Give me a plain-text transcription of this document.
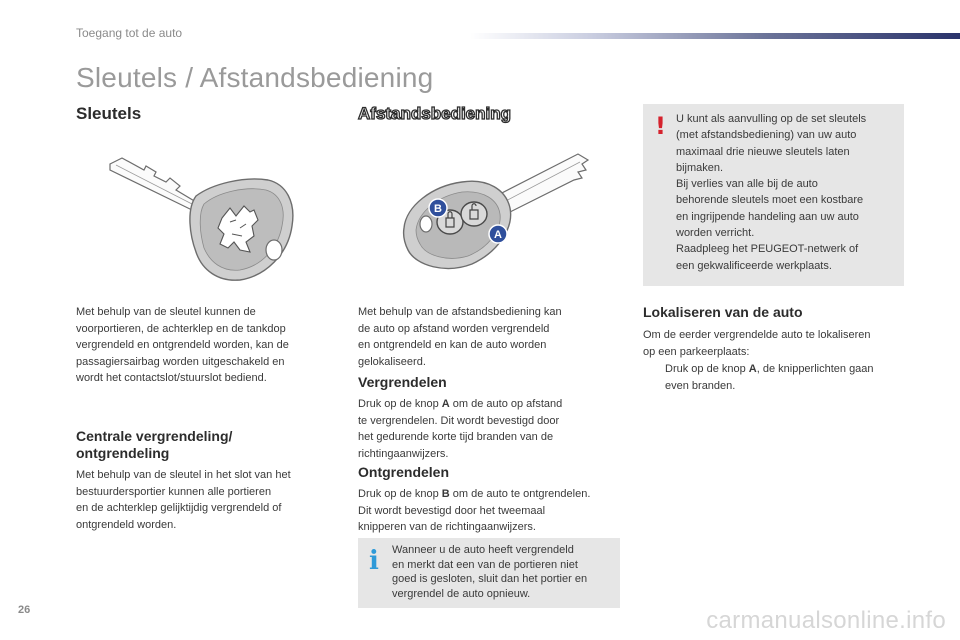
Toegang tot de auto
Sleutels / Afstandsbediening
Sleutels
Met behulp van de sleutel kunnen de
voorportieren, de achterklep en de tankdop
vergrendeld en ontgrendeld worden, kan de
passagiersairbag worden uitgeschakeld en
wordt het contactslot/stuurslot bediend.
Centrale vergrendeling/
ontgrendeling
Met behulp van de sleutel in het slot van het
bestuurdersportier kunnen alle portieren
en de achterklep gelijktijdig vergrendeld of
ontgrendeld worden.
Afstandsbediening
B
A
Met behulp van de afstandsbediening kan
de auto op afstand worden vergrendeld
en ontgrendeld en kan de auto worden
gelokaliseerd.
Vergrendelen
Druk op de knop A om de auto op afstand
te vergrendelen. Dit wordt bevestigd door
het gedurende korte tijd branden van de
richtingaanwijzers.
Ontgrendelen
Druk op de knop B om de auto te ontgrendelen.
Dit wordt bevestigd door het tweemaal
knipperen van de richtingaanwijzers.
i Wanneer u de auto heeft vergrendeld
en merkt dat een van de portieren niet
goed is gesloten, sluit dan het portier en
vergrendel de auto opnieuw.
! U kunt als aanvulling op de set sleutels
(met afstandsbediening) van uw auto
maximaal drie nieuwe sleutels laten
bijmaken.
Bij verlies van alle bij de auto
behorende sleutels moet een kostbare
en ingrijpende handeling aan uw auto
worden verricht.
Raadpleeg het PEUGEOT-netwerk of
een gekwalificeerde werkplaats.
Lokaliseren van de auto
Om de eerder vergrendelde auto te lokaliseren
op een parkeerplaats:
Druk op de knop A, de knipperlichten gaan
even branden.
26	carmanualsonline.info
